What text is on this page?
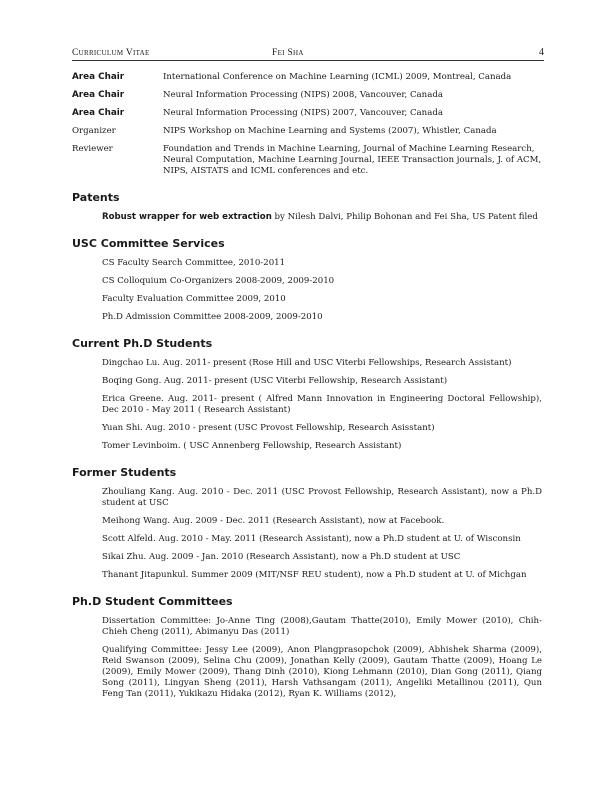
Curriculum Vitae	Fei Sha	4
Area Chair	International Conference on Machine Learning (ICML) 2009, Montreal, Canada
Area Chair	Neural Information Processing (NIPS) 2008, Vancouver, Canada
Area Chair	Neural Information Processing (NIPS) 2007, Vancouver, Canada
Organizer	NIPS Workshop on Machine Learning and Systems (2007), Whistler, Canada
Reviewer	Foundation and Trends in Machine Learning, Journal of Machine Learning Research, Neural Computation, Machine Learning Journal, IEEE Transaction journals, J. of ACM, NIPS, AISTATS and ICML conferences and etc.
Patents
Robust wrapper for web extraction by Nilesh Dalvi, Philip Bohonan and Fei Sha, US Patent filed
USC Committee Services
CS Faculty Search Committee, 2010-2011
CS Colloquium Co-Organizers 2008-2009, 2009-2010
Faculty Evaluation Committee 2009, 2010
Ph.D Admission Committee 2008-2009, 2009-2010
Current Ph.D Students
Dingchao Lu. Aug. 2011- present (Rose Hill and USC Viterbi Fellowships, Research Assistant)
Boqing Gong. Aug. 2011- present (USC Viterbi Fellowship, Research Assistant)
Erica Greene. Aug. 2011- present ( Alfred Mann Innovation in Engineering Doctoral Fellowship), Dec 2010 - May 2011 ( Research Assistant)
Yuan Shi. Aug. 2010 - present (USC Provost Fellowship, Research Asisstant)
Tomer Levinboim. ( USC Annenberg Fellowship, Research Assistant)
Former Students
Zhouliang Kang. Aug. 2010 - Dec. 2011 (USC Provost Fellowship, Research Assistant), now a Ph.D student at USC
Meihong Wang. Aug. 2009 - Dec. 2011 (Research Assistant), now at Facebook.
Scott Alfeld. Aug. 2010 - May. 2011 (Research Assistant), now a Ph.D student at U. of Wisconsin
Sikai Zhu. Aug. 2009 - Jan. 2010 (Research Assistant), now a Ph.D student at USC
Thanant Jitapunkul. Summer 2009 (MIT/NSF REU student), now a Ph.D student at U. of Michgan
Ph.D Student Committees
Dissertation Committee: Jo-Anne Ting (2008),Gautam Thatte(2010), Emily Mower (2010), Chih-Chieh Cheng (2011), Abimanyu Das (2011)
Qualifying Committee: Jessy Lee (2009), Anon Plangprasopchok (2009), Abhishek Sharma (2009), Reid Swanson (2009), Selina Chu (2009), Jonathan Kelly (2009), Gautam Thatte (2009), Hoang Le (2009), Emily Mower (2009), Thang Dinh (2010), Kiong Lehmann (2010), Dian Gong (2011), Qiang Song (2011), Lingyan Sheng (2011), Harsh Vathsangam (2011), Angeliki Metallinou (2011), Qun Feng Tan (2011), Yukikazu Hidaka (2012), Ryan K. Williams (2012),
